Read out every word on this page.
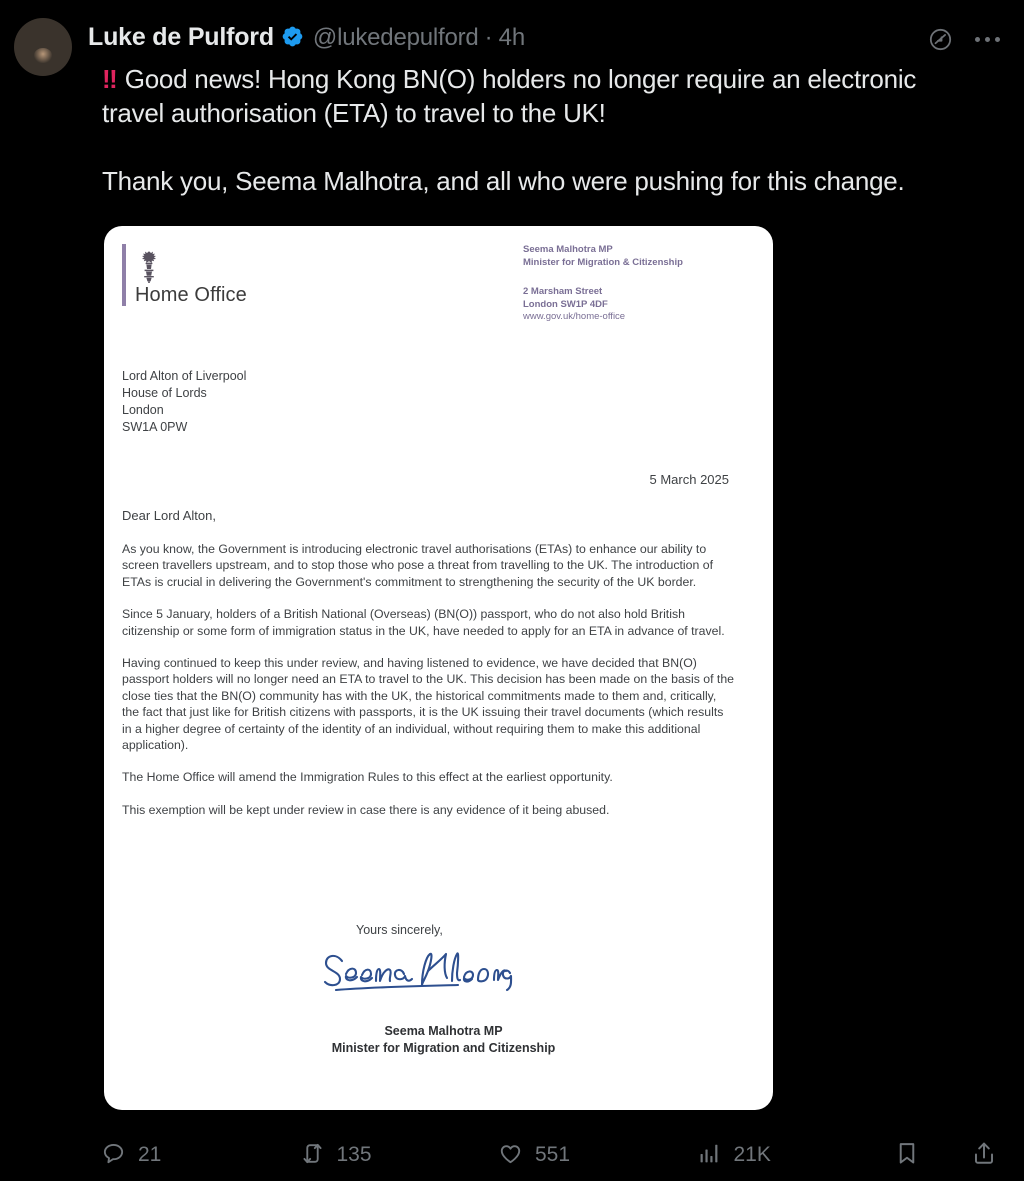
Luke de Pulford @lukedepulford · 4h

‼ Good news! Hong Kong BN(O) holders no longer require an electronic travel authorisation (ETA) to travel to the UK!

Thank you, Seema Malhotra, and all who were pushing for this change.

Home Office
Seema Malhotra MP
Minister for Migration & Citizenship
2 Marsham Street
London SW1P 4DF
www.gov.uk/home-office
Lord Alton of Liverpool
House of Lords
London
SW1A 0PW
5 March 2025
Dear Lord Alton,

As you know, the Government is introducing electronic travel authorisations (ETAs) to enhance our ability to screen travellers upstream, and to stop those who pose a threat from travelling to the UK. The introduction of ETAs is crucial in delivering the Government's commitment to strengthening the security of the UK border.

Since 5 January, holders of a British National (Overseas) (BN(O)) passport, who do not also hold British citizenship or some form of immigration status in the UK, have needed to apply for an ETA in advance of travel.

Having continued to keep this under review, and having listened to evidence, we have decided that BN(O) passport holders will no longer need an ETA to travel to the UK. This decision has been made on the basis of the close ties that the BN(O) community has with the UK, the historical commitments made to them and, critically, the fact that just like for British citizens with passports, it is the UK issuing their travel documents (which results in a higher degree of certainty of the identity of an individual, without requiring them to make this additional application).

The Home Office will amend the Immigration Rules to this effect at the earliest opportunity.

This exemption will be kept under review in case there is any evidence of it being abused.

Yours sincerely,
Seema Malhotra MP
Minister for Migration and Citizenship
21	135	551	21K
